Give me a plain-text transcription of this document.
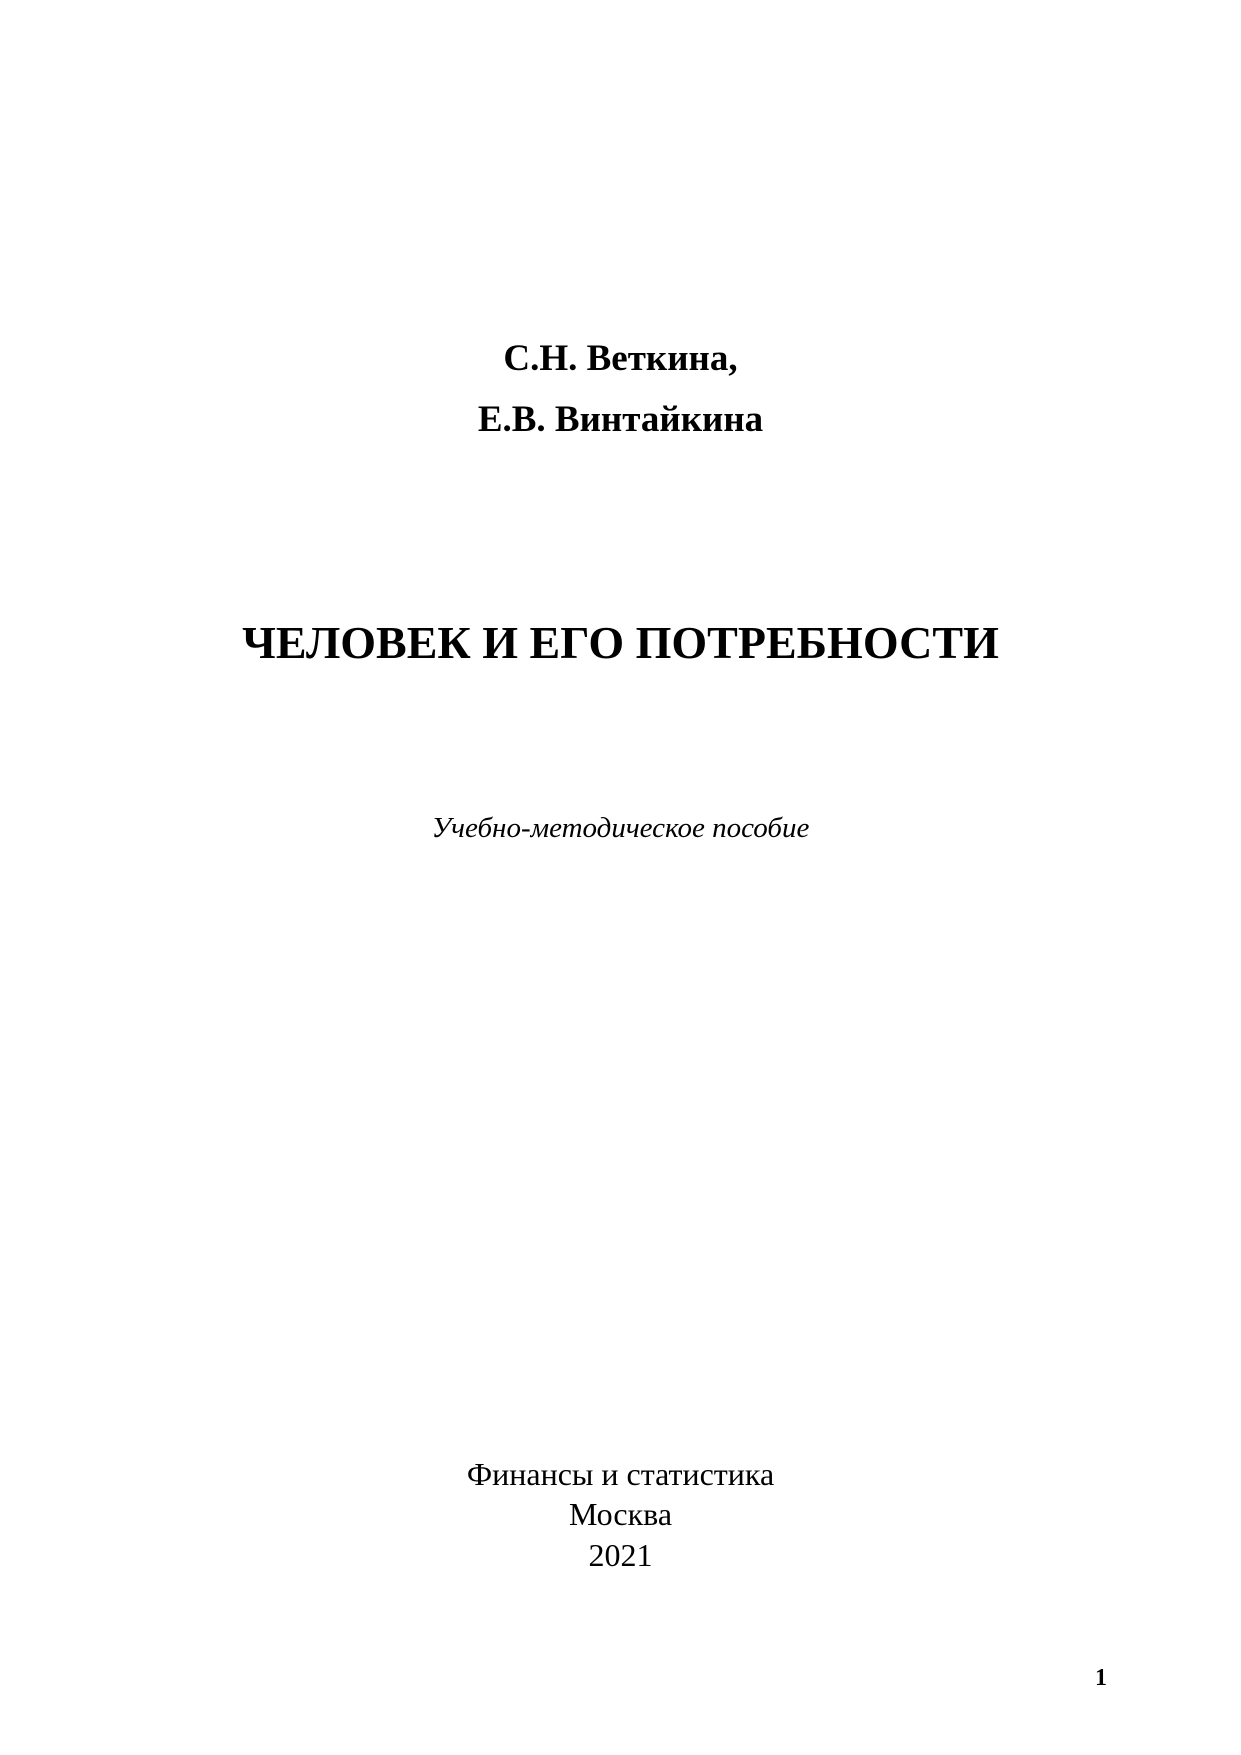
С.Н. Веткина,
Е.В. Винтайкина
ЧЕЛОВЕК И ЕГО ПОТРЕБНОСТИ
Учебно-методическое пособие
Финансы и статистика
Москва
2021
1
